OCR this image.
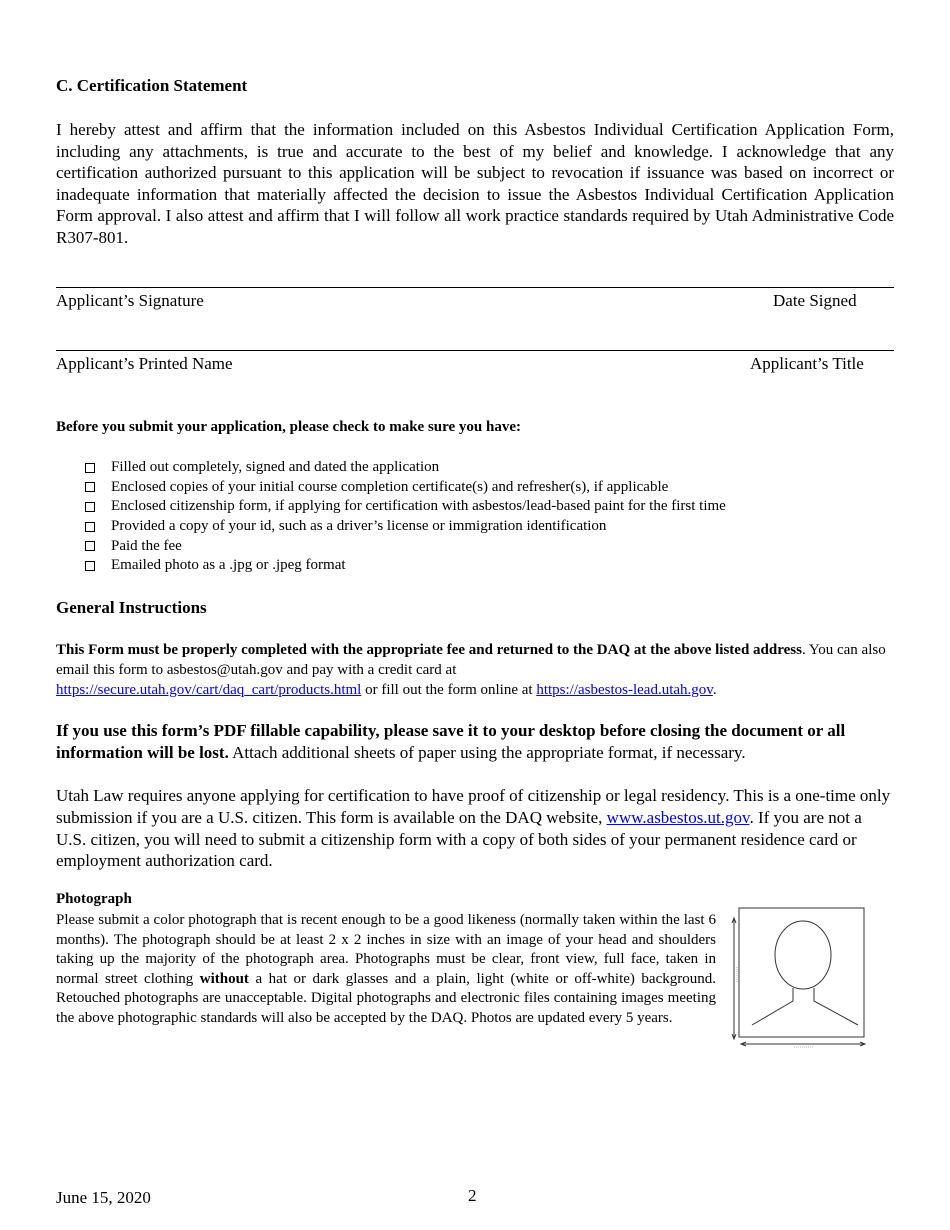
C. Certification Statement
I hereby attest and affirm that the information included on this Asbestos Individual Certification Application Form, including any attachments, is true and accurate to the best of my belief and knowledge. I acknowledge that any certification authorized pursuant to this application will be subject to revocation if issuance was based on incorrect or inadequate information that materially affected the decision to issue the Asbestos Individual Certification Application Form approval. I also attest and affirm that I will follow all work practice standards required by Utah Administrative Code R307-801.
Applicant’s Signature	Date Signed
Applicant’s Printed Name	Applicant’s Title
Before you submit your application, please check to make sure you have:
Filled out completely, signed and dated the application
Enclosed copies of your initial course completion certificate(s) and refresher(s), if applicable
Enclosed citizenship form, if applying for certification with asbestos/lead-based paint for the first time
Provided a copy of your id, such as a driver’s license or immigration identification
Paid the fee
Emailed photo as a .jpg or .jpeg format
General Instructions
This Form must be properly completed with the appropriate fee and returned to the DAQ at the above listed address. You can also email this form to asbestos@utah.gov and pay with a credit card at
https://secure.utah.gov/cart/daq_cart/products.html or fill out the form online at https://asbestos-lead.utah.gov.
If you use this form’s PDF fillable capability, please save it to your desktop before closing the document or all information will be lost. Attach additional sheets of paper using the appropriate format, if necessary.
Utah Law requires anyone applying for certification to have proof of citizenship or legal residency. This is a one-time only submission if you are a U.S. citizen. This form is available on the DAQ website, www.asbestos.ut.gov. If you are not a U.S. citizen, you will need to submit a citizenship form with a copy of both sides of your permanent residence card or employment authorization card.
Photograph
Please submit a color photograph that is recent enough to be a good likeness (normally taken within the last 6 months). The photograph should be at least 2 x 2 inches in size with an image of your head and shoulders taking up the majority of the photograph area. Photographs must be clear, front view, full face, taken in normal street clothing without a hat or dark glasses and a plain, light (white or off-white) background. Retouched photographs are unacceptable. Digital photographs and electronic files containing images meeting the above photographic standards will also be accepted by the DAQ. Photos are updated every 5 years.
June 15, 2020	2
